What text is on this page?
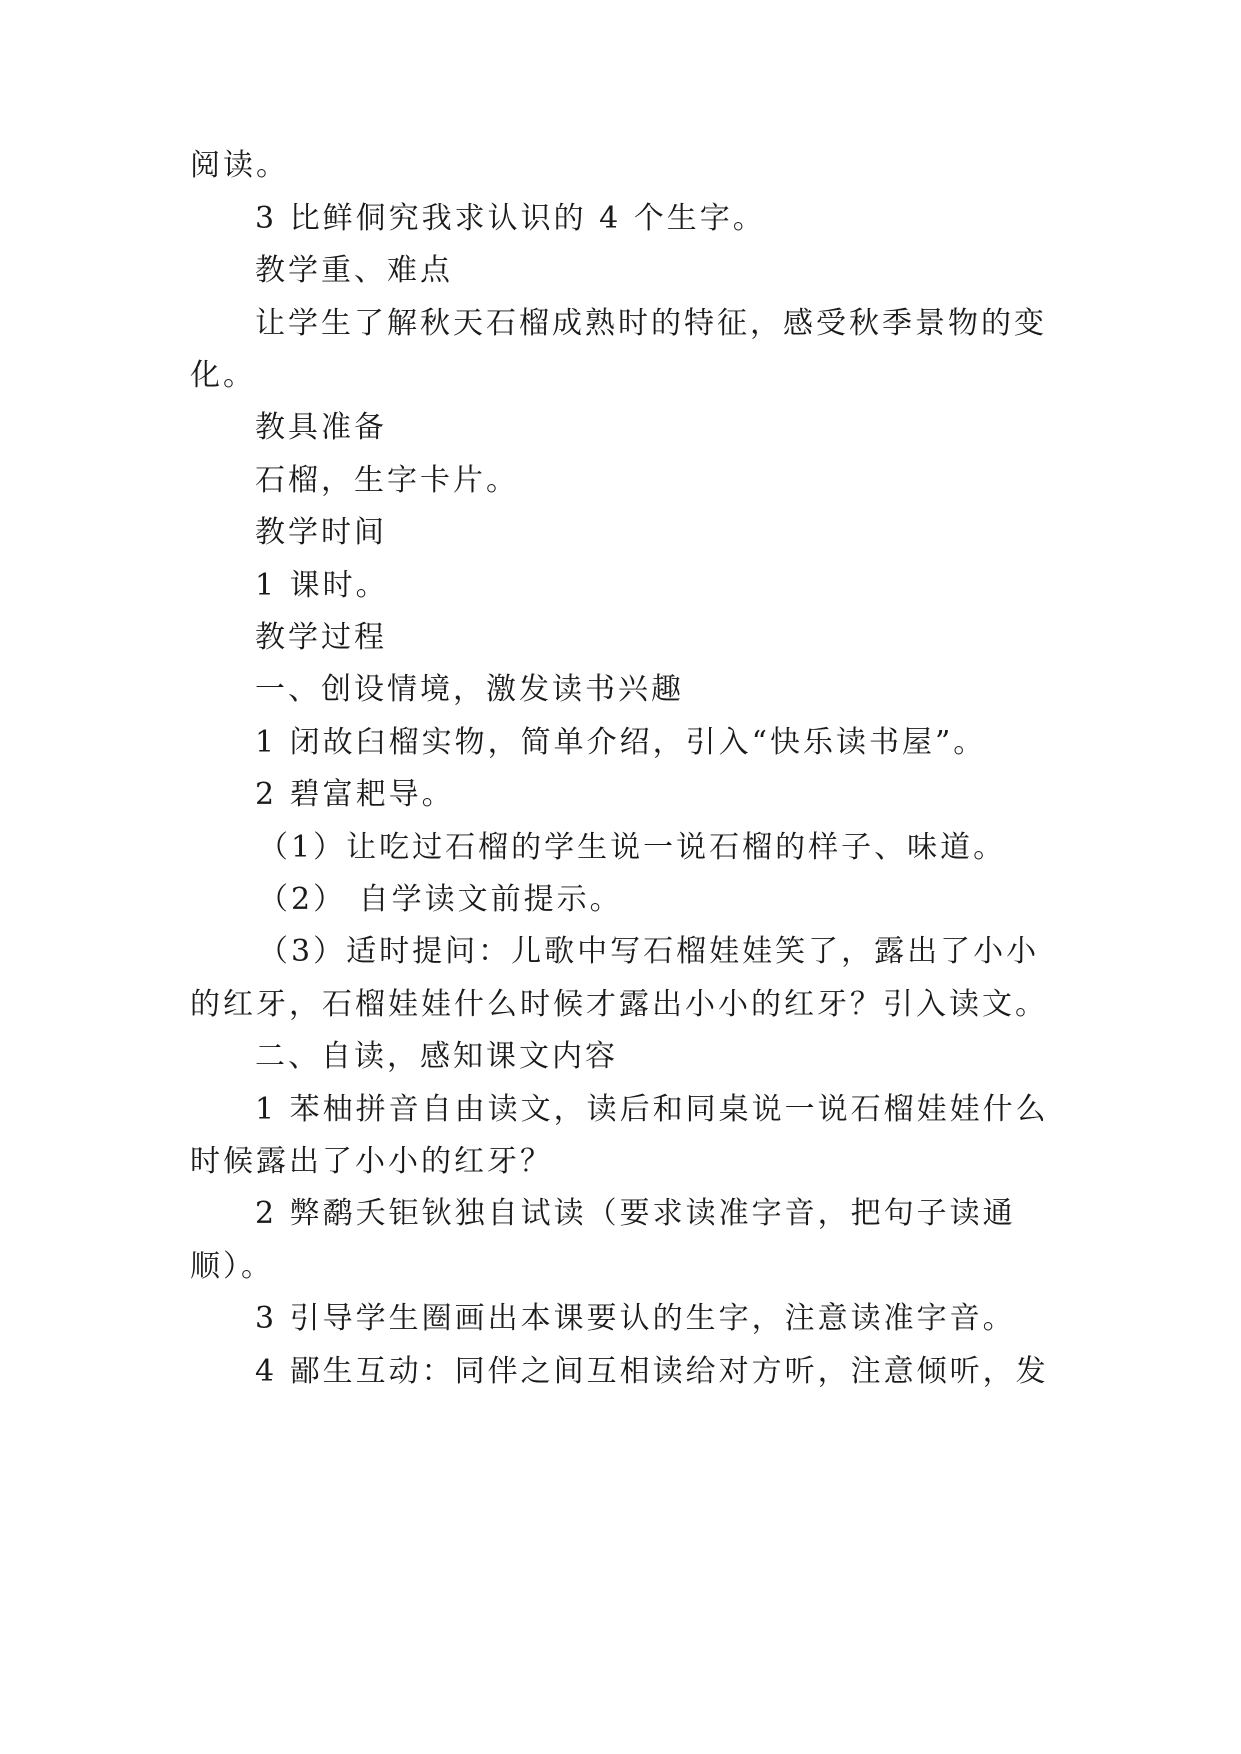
阅读。
3 比鲜侗究我求认识的 4 个生字。
教学重、难点
让学生了解秋天石榴成熟时的特征，感受秋季景物的变
化。
教具准备
石榴，生字卡片。
教学时间
1 课时。
教学过程
一、创设情境，激发读书兴趣
1 闭故臼榴实物，简单介绍，引入“快乐读书屋”。
2 碧富耙导。
（1）让吃过石榴的学生说一说石榴的样子、味道。
（2） 自学读文前提示。
（3）适时提问：儿歌中写石榴娃娃笑了，露出了小小
的红牙，石榴娃娃什么时候才露出小小的红牙？引入读文。
二、自读，感知课文内容
1 苯柚拼音自由读文，读后和同桌说一说石榴娃娃什么
时候露出了小小的红牙？
2 弊鹬夭钜钬独自试读（要求读准字音，把句子读通
顺）。
3 引导学生圈画出本课要认的生字，注意读准字音。
4 鄙生互动：同伴之间互相读给对方听，注意倾听，发
